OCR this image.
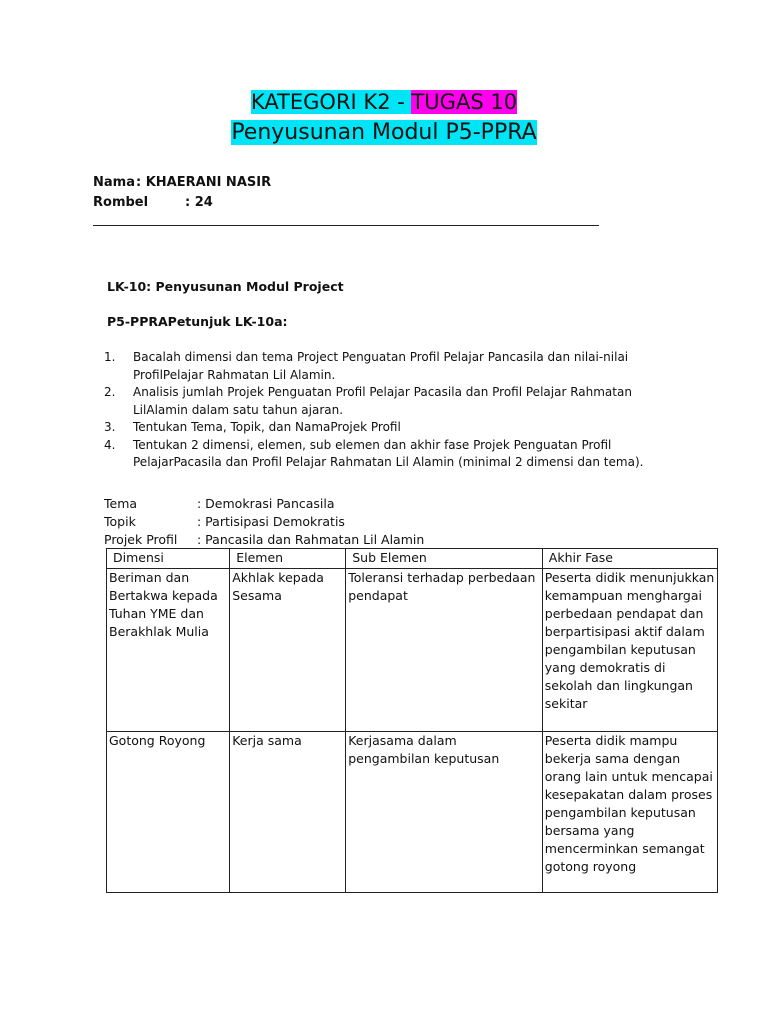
KATEGORI K2 - TUGAS 10
Penyusunan Modul P5-PPRA
Nama: KHAERANI NASIR
Rombel	: 24
LK-10: Penyusunan Modul Project
P5-PPRAPetunjuk LK-10a:
1. Bacalah dimensi dan tema Project Penguatan Profil Pelajar Pancasila dan nilai-nilai ProfilPelajar Rahmatan Lil Alamin.
2. Analisis jumlah Projek Penguatan Profil Pelajar Pacasila dan Profil Pelajar Rahmatan LilAlamin dalam satu tahun ajaran.
3. Tentukan Tema, Topik, dan NamaProjek Profil
4. Tentukan 2 dimensi, elemen, sub elemen dan akhir fase Projek Penguatan Profil PelajarPacasila dan Profil Pelajar Rahmatan Lil Alamin (minimal 2 dimensi dan tema).
Tema	: Demokrasi Pancasila
Topik	: Partisipasi Demokratis
Projek Profil : Pancasila dan Rahmatan Lil Alamin
Dimensi	Elemen	Sub Elemen	Akhir Fase
Beriman dan Bertakwa kepada Tuhan YME dan Berakhlak Mulia	Akhlak kepada Sesama	Toleransi terhadap perbedaan pendapat	Peserta didik menunjukkan kemampuan menghargai perbedaan pendapat dan berpartisipasi aktif dalam pengambilan keputusan yang demokratis di sekolah dan lingkungan sekitar
Gotong Royong	Kerja sama	Kerjasama dalam pengambilan keputusan	Peserta didik mampu bekerja sama dengan orang lain untuk mencapai kesepakatan dalam proses pengambilan keputusan bersama yang mencerminkan semangat gotong royong
